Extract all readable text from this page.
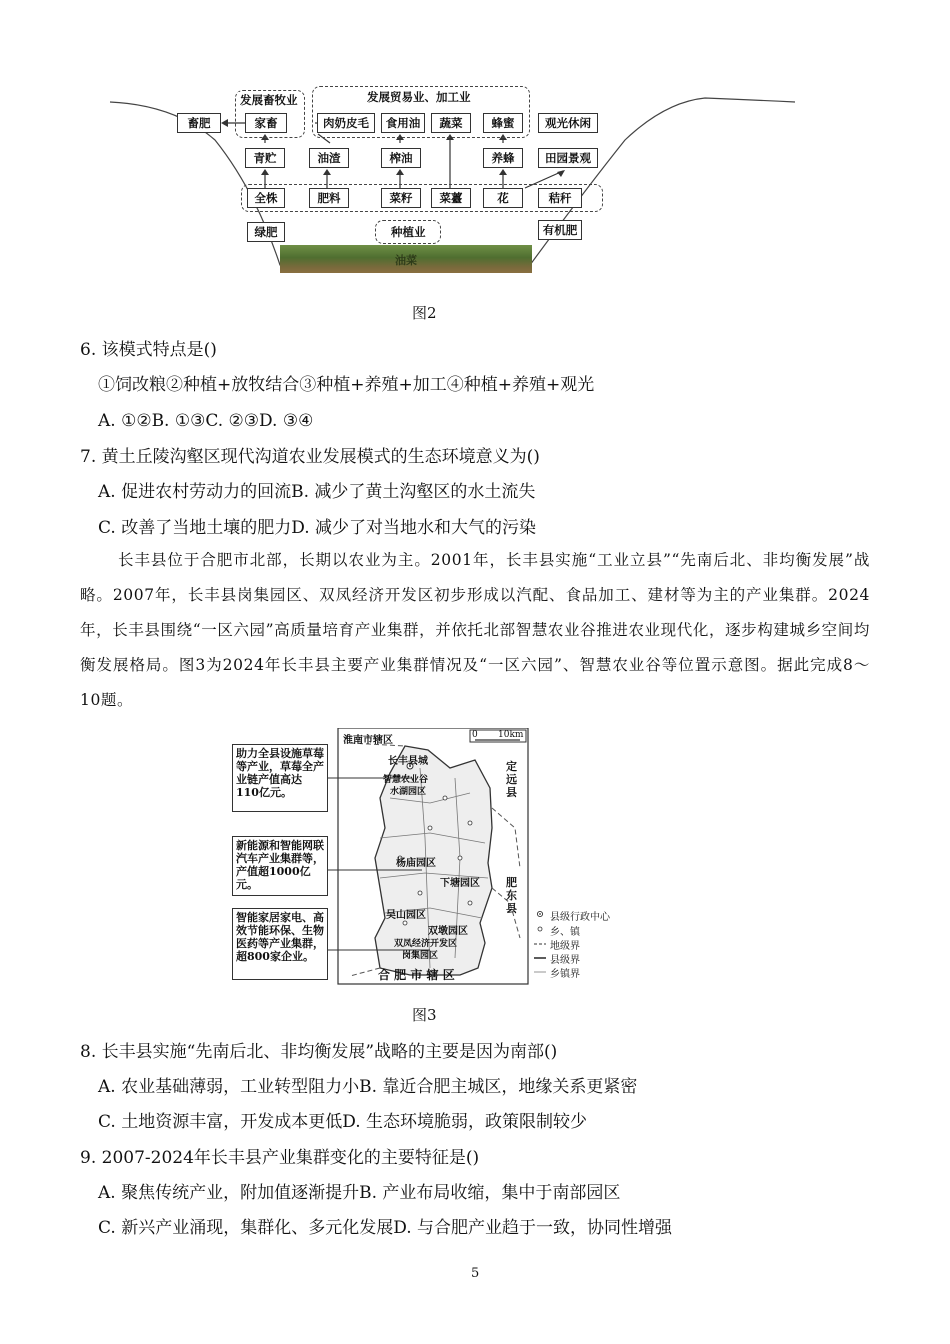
发展畜牧业	发展贸易业、加工业
畜肥	家畜	肉奶皮毛	食用油	蔬菜	蜂蜜	观光休闲
青贮	油渣	榨油	养蜂	田园景观
全株	肥料	菜籽	菜薹	花	秸秆
绿肥	种植业	有机肥
油菜
图2
6. 该模式特点是()
①饲改粮②种植+放牧结合③种植+养殖+加工④种植+养殖+观光
A. ①②B. ①③C. ②③D. ③④
7. 黄土丘陵沟壑区现代沟道农业发展模式的生态环境意义为()
A. 促进农村劳动力的回流B. 减少了黄土沟壑区的水土流失
C. 改善了当地土壤的肥力D. 减少了对当地水和大气的污染
长丰县位于合肥市北部，长期以农业为主。2001年，长丰县实施“工业立县”“先南后北、非均衡发展”战略。2007年，长丰县岗集园区、双凤经济开发区初步形成以汽配、食品加工、建材等为主的产业集群。2024年，长丰县围绕“一区六园”高质量培育产业集群，并依托北部智慧农业谷推进农业现代化，逐步构建城乡空间均衡发展格局。图3为2024年长丰县主要产业集群情况及“一区六园”、智慧农业谷等位置示意图。据此完成8～10题。
助力全县设施草莓等产业，草莓全产业链产值高达110亿元。
新能源和智能网联汽车产业集群等，产值超1000亿元。
智能家居家电、高效节能环保、生物医药等产业集群，超800家企业。
淮南市辖区	0 10km
长丰县城
智慧农业谷
水湖园区
定远县
杨庙园区
下塘园区 肥东县
吴山园区
双墩园区
双凤经济开发区
岗集园区
合 肥 市 辖 区
县级行政中心
乡、镇
地级界
县级界
乡镇界
图3
8. 长丰县实施“先南后北、非均衡发展”战略的主要是因为南部()
A. 农业基础薄弱，工业转型阻力小B. 靠近合肥主城区，地缘关系更紧密
C. 土地资源丰富，开发成本更低D. 生态环境脆弱，政策限制较少
9. 2007-2024年长丰县产业集群变化的主要特征是()
A. 聚焦传统产业，附加值逐渐提升B. 产业布局收缩，集中于南部园区
C. 新兴产业涌现，集群化、多元化发展D. 与合肥产业趋于一致，协同性增强
5
